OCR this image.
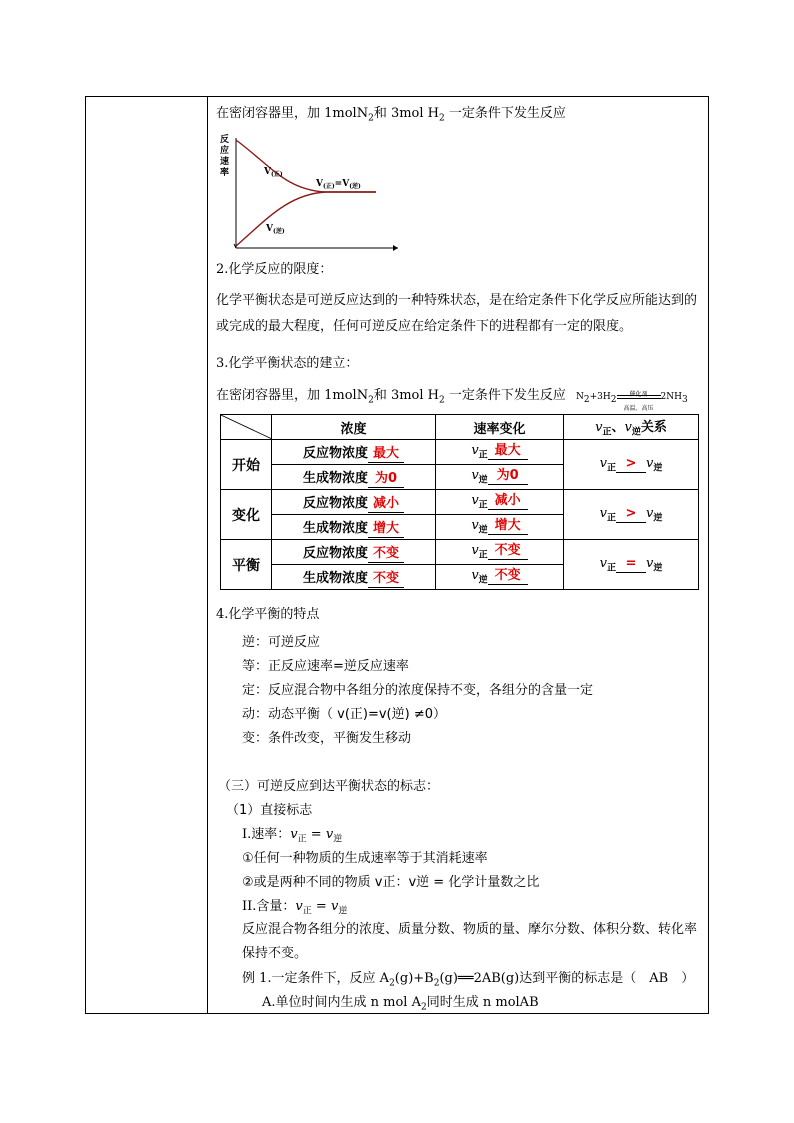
在密闭容器里，加 1molN$_2$和 3mol $H_2$ 一定条件下发生反应
反
应
速
率	$V_{(正)}$
$V_{(正)}=V_{(逆)}$
$V_{(逆)}$
2.化学反应的限度：
化学平衡状态是可逆反应达到的一种特殊状态，是在给定条件下化学反应所能达到的或完成的最大程度，任何可逆反应在给定条件下的进程都有一定的限度。
3.化学平衡状态的建立：
在密闭容器里，加 1molN$_2$和 3mol $H_2$ 一定条件下发生反应 $N_2+3H_2$
催化剂
高温、高压
$2NH_3$
	浓度	速率变化	$v_正$、$v_逆$关系
开始	反应物浓度 最大	$v_正$ 最大	$v_正 > v_逆$
	生成物浓度 为0	$v_逆$ 为0	
变化	反应物浓度 减小	$v_正$ 减小	$v_正 > v_逆$
	生成物浓度 增大	$v_逆$ 增大	
平衡	反应物浓度 不变	$v_正$ 不变	$v_正 = v_逆$
	生成物浓度 不变	$v_逆$ 不变	
4.化学平衡的特点
逆：可逆反应
等：正反应速率=逆反应速率
定：反应混合物中各组分的浓度保持不变，各组分的含量一定
动：动态平衡（ v(正)=v(逆) ≠0）
变：条件改变，平衡发生移动
（三）可逆反应到达平衡状态的标志：
（1）直接标志
I.速率：$v_正 = v_逆$
①任何一种物质的生成速率等于其消耗速率
②或是两种不同的物质 v正：v逆 = 化学计量数之比
II.含量：$v_正 = v_逆$
反应混合物各组分的浓度、质量分数、物质的量、摩尔分数、体积分数、转化率保持不变。
例 1.一定条件下，反应 $A_2(g)+B_2(g)══2AB(g)$达到平衡的标志是（　AB　）
A.单位时间内生成 n mol $A_2$同时生成 n molAB
